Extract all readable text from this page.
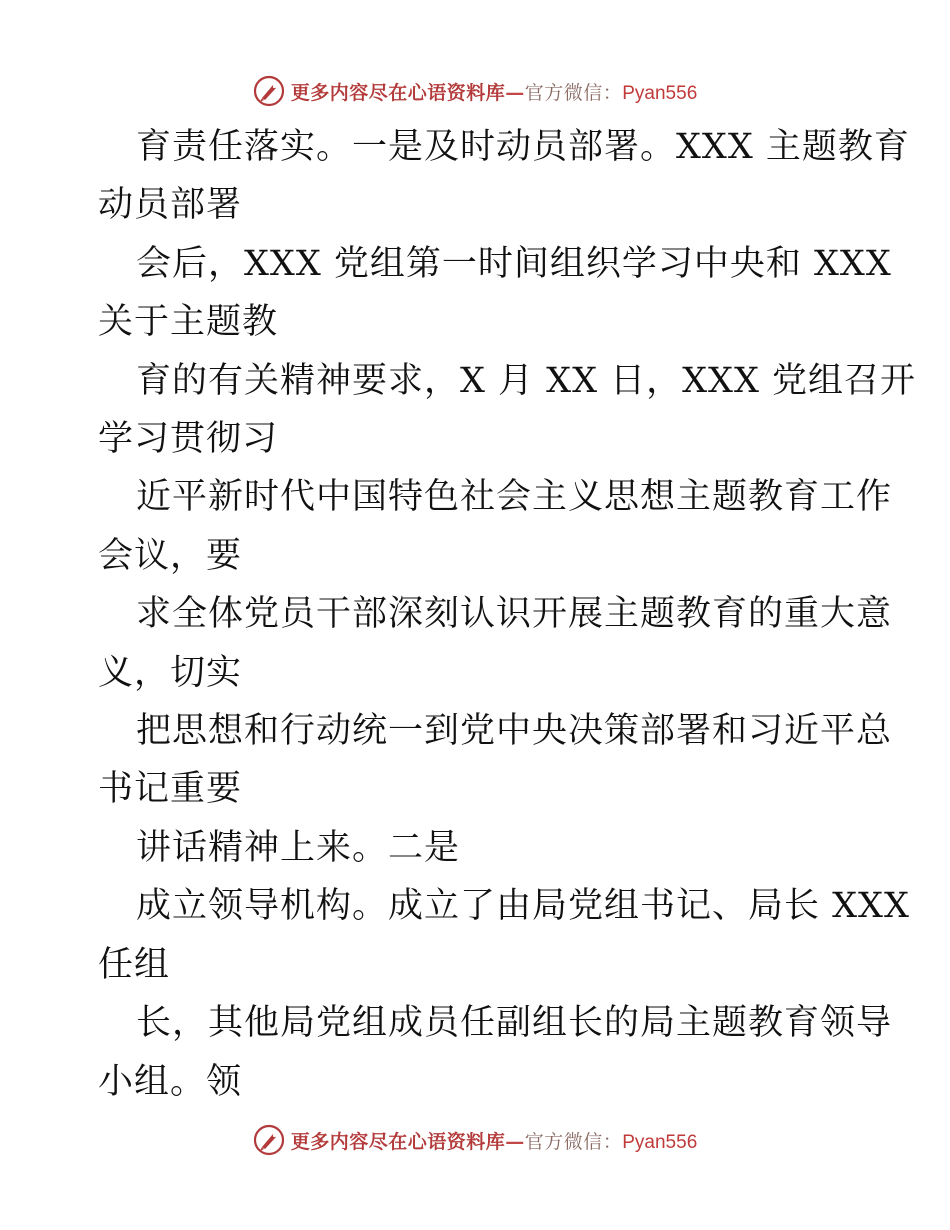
更多内容尽在心语资料库—官方微信：Pyan556
育责任落实。一是及时动员部署。XXX 主题教育
动员部署
会后，XXX 党组第一时间组织学习中央和 XXX
关于主题教
育的有关精神要求，X 月 XX 日，XXX 党组召开
学习贯彻习
近平新时代中国特色社会主义思想主题教育工作
会议，要
求全体党员干部深刻认识开展主题教育的重大意
义，切实
把思想和行动统一到党中央决策部署和习近平总
书记重要
讲话精神上来。二是
成立领导机构。成立了由局党组书记、局长 XXX
任组
长，其他局党组成员任副组长的局主题教育领导
小组。领
更多内容尽在心语资料库—官方微信：Pyan556
